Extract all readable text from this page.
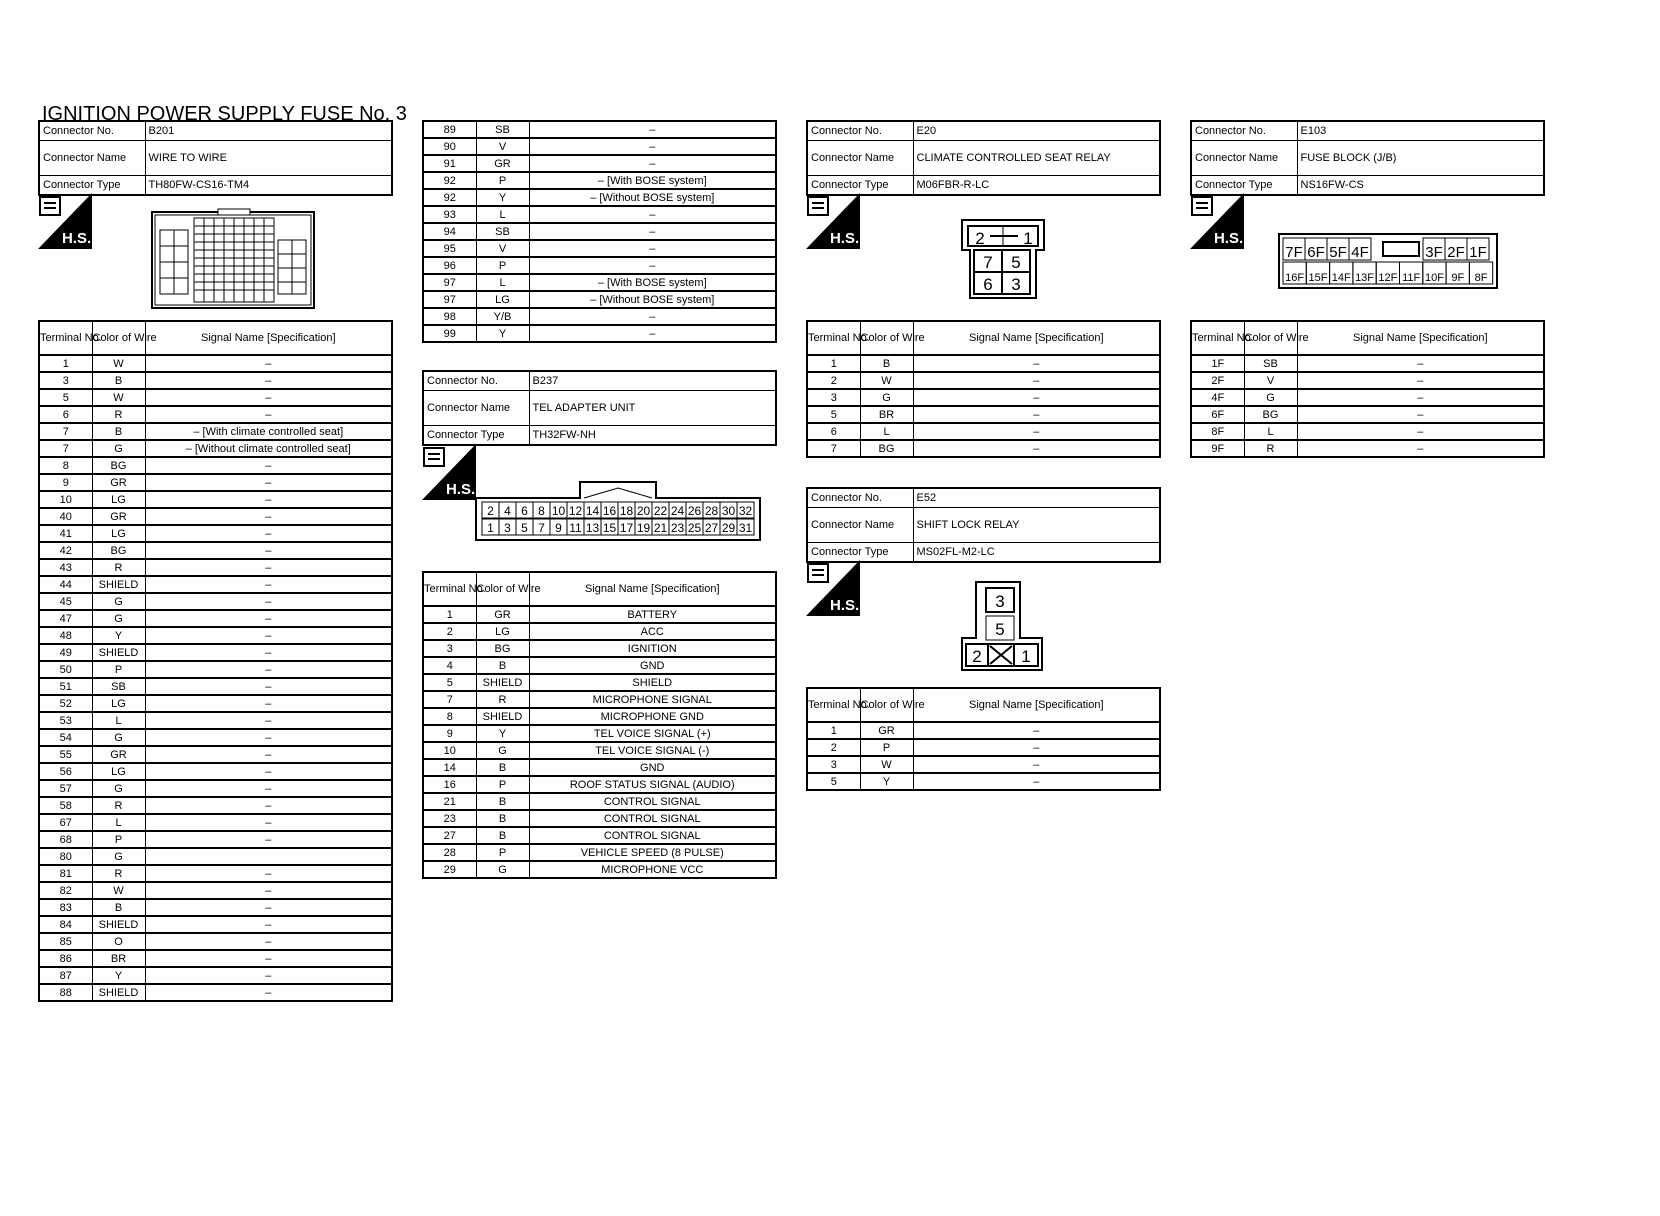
IGNITION POWER SUPPLY FUSE No. 3
Connector No.	B201
Connector Name	WIRE TO WIRE
Connector Type	TH80FW-CS16-TM4
H.S.
Terminal No.	Color of Wire	Signal Name [Specification]
1	W	–
3	B	–
5	W	–
6	R	–
7	B	– [With climate controlled seat]
7	G	– [Without climate controlled seat]
8	BG	–
9	GR	–
10	LG	–
40	GR	–
41	LG	–
42	BG	–
43	R	–
44	SHIELD	–
45	G	–
47	G	–
48	Y	–
49	SHIELD	–
50	P	–
51	SB	–
52	LG	–
53	L	–
54	G	–
55	GR	–
56	LG	–
57	G	–
58	R	–
67	L	–
68	P	–
80	G	
81	R	–
82	W	–
83	B	–
84	SHIELD	–
85	O	–
86	BR	–
87	Y	–
88	SHIELD	–
89	SB	–
90	V	–
91	GR	–
92	P	– [With BOSE system]
92	Y	– [Without BOSE system]
93	L	–
94	SB	–
95	V	–
96	P	–
97	L	– [With BOSE system]
97	LG	– [Without BOSE system]
98	Y/B	–
99	Y	–
Connector No.	B237
Connector Name	TEL ADAPTER UNIT
Connector Type	TH32FW-NH
H.S.
2 4 6 8 10 12 14 16 18 20 22 24 26 28 30 32
1 3 5 7 9 11 13 15 17 19 21 23 25 27 29 31
Terminal No.	Color of Wire	Signal Name [Specification]
1	GR	BATTERY
2	LG	ACC
3	BG	IGNITION
4	B	GND
5	SHIELD	SHIELD
7	R	MICROPHONE SIGNAL
8	SHIELD	MICROPHONE GND
9	Y	TEL VOICE SIGNAL (+)
10	G	TEL VOICE SIGNAL (-)
14	B	GND
16	P	ROOF STATUS SIGNAL (AUDIO)
21	B	CONTROL SIGNAL
23	B	CONTROL SIGNAL
27	B	CONTROL SIGNAL
28	P	VEHICLE SPEED (8 PULSE)
29	G	MICROPHONE VCC
Connector No.	E20
Connector Name	CLIMATE CONTROLLED SEAT RELAY
Connector Type	M06FBR-R-LC
H.S.	2 1
7 5
6 3
Terminal No.	Color of Wire	Signal Name [Specification]
1	B	–
2	W	–
3	G	–
5	BR	–
6	L	–
7	BG	–
Connector No.	E52
Connector Name	SHIFT LOCK RELAY
Connector Type	MS02FL-M2-LC
H.S.	3
5
2 1
Terminal No.	Color of Wire	Signal Name [Specification]
1	GR	–
2	P	–
3	W	–
5	Y	–
Connector No.	E103
Connector Name	FUSE BLOCK (J/B)
Connector Type	NS16FW-CS
H.S.
7F 6F 5F 4F	3F 2F 1F
16F 15F 14F 13F 12F 11F 10F 9F 8F
Terminal No.	Color of Wire	Signal Name [Specification]
1F	SB	–
2F	V	–
4F	G	–
6F	BG	–
8F	L	–
9F	R	–
